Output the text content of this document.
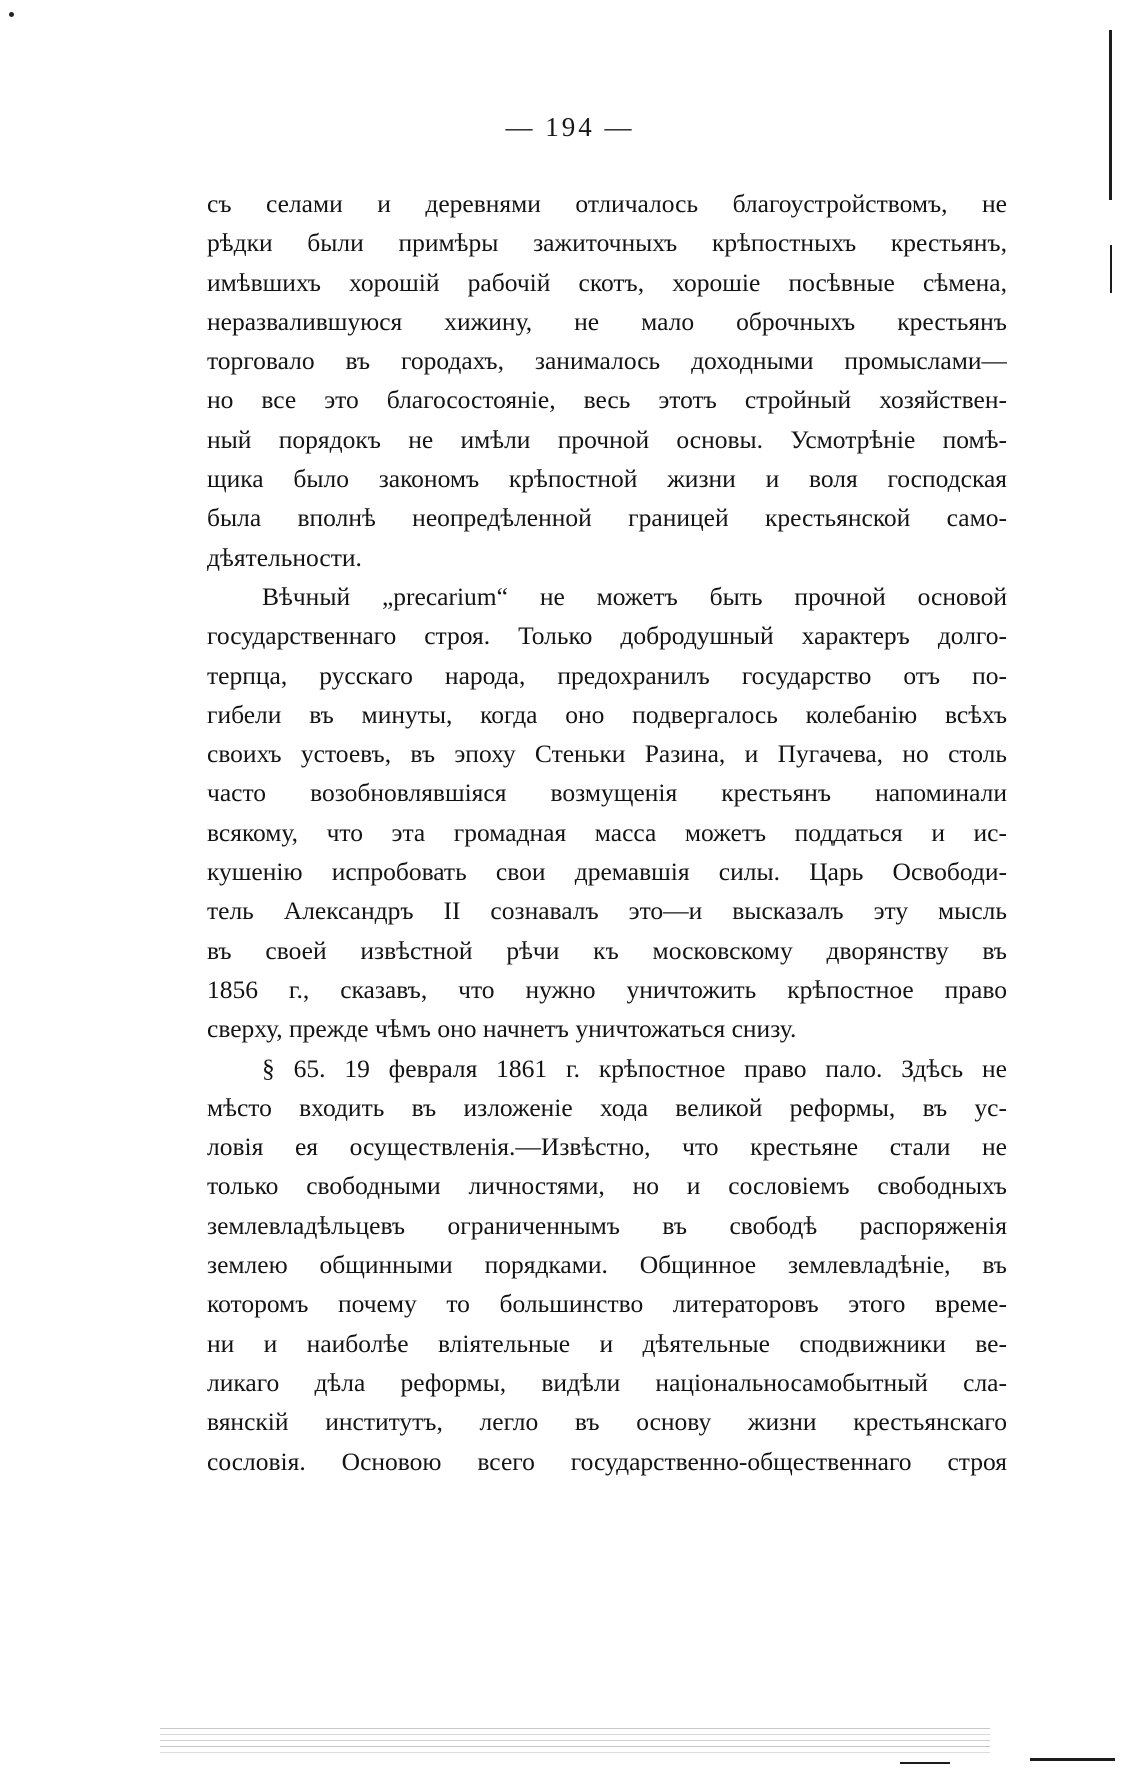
— 194 —
съ селами и деревнями отличалось благоустройствомъ, не
рѣдки были примѣры зажиточныхъ крѣпостныхъ крестьянъ,
имѣвшихъ хорошiй рабочiй скотъ, хорошiе посѣвные сѣмена,
неразвалившуюся хижину, не мало оброчныхъ крестьянъ
торговало въ городахъ, занималось доходными промыслами—
но все это благосостоянiе, весь этотъ стройный хозяйствен-
ный порядокъ не имѣли прочной основы. Усмотрѣнiе помѣ-
щика было закономъ крѣпостной жизни и воля господская
была вполнѣ неопредѣленной границей крестьянской само-
дѣятельности.
Вѣчный „precarium“ не можетъ быть прочной основой
государственнаго строя. Только добродушный характеръ долго-
терпца, русскаго народа, предохранилъ государство отъ по-
гибели въ минуты, когда оно подвергалось колебанiю всѣхъ
своихъ устоевъ, въ эпоху Стеньки Разина, и Пугачева, но столь
часто возобновлявшiяся возмущенiя крестьянъ напоминали
всякому, что эта громадная масса можетъ поддаться и ис-
кушенiю испробовать свои дремавшiя силы. Царь Освободи-
тель Александръ II сознавалъ это—и высказалъ эту мысль
въ своей извѣстной рѣчи къ московскому дворянству въ
1856 г., сказавъ, что нужно уничтожить крѣпостное право
сверху, прежде чѣмъ оно начнетъ уничтожаться снизу.
§ 65. 19 февраля 1861 г. крѣпостное право пало. Здѣсь не
мѣсто входить въ изложенiе хода великой реформы, въ ус-
ловiя ея осуществленiя.—Извѣстно, что крестьяне стали не
только свободными личностями, но и сословiемъ свободныхъ
землевладѣльцевъ ограниченнымъ въ свободѣ распоряженiя
землею общинными порядками. Общинное землевладѣнiе, въ
которомъ почему то большинство литераторовъ этого време-
ни и наиболѣе влiятельные и дѣятельные сподвижники ве-
ликаго дѣла реформы, видѣли нацiональносамобытный сла-
вянскiй институтъ, легло въ основу жизни крестьянскаго
сословiя. Основою всего государственно-общественнаго строя
